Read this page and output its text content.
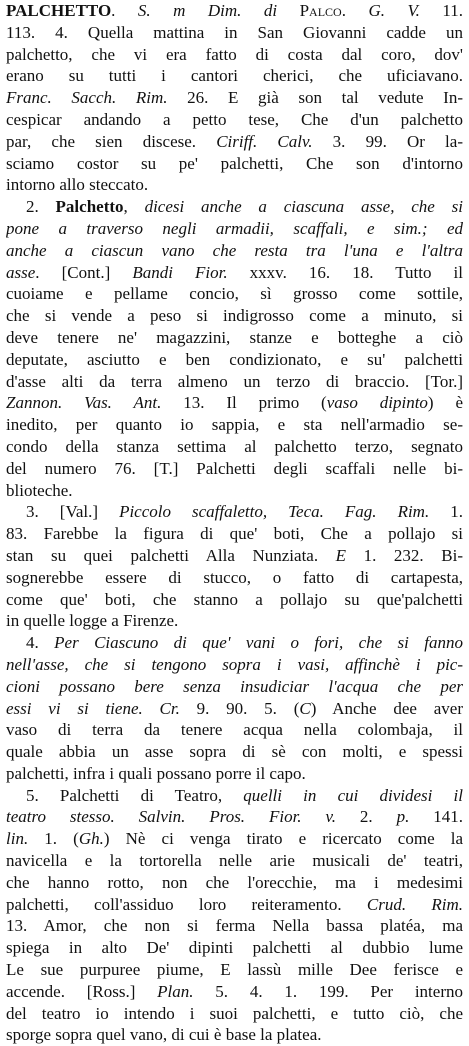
PALCHETTO. S. m Dim. di Palco. G. V. 11.
113. 4. Quella mattina in San Giovanni cadde un
palchetto, che vi era fatto di costa dal coro, dov'
erano su tutti i cantori cherici, che uficiavano.
Franc. Sacch. Rim. 26. E già son tal vedute In-
cespicar andando a petto tese, Che d'un palchetto
par, che sien discese. Ciriff. Calv. 3. 99. Or la-
sciamo costor su pe' palchetti, Che son d'intorno
intorno allo steccato.
2. Palchetto, dicesi anche a ciascuna asse, che si
pone a traverso negli armadii, scaffali, e sim.; ed
anche a ciascun vano che resta tra l'una e l'altra
asse. [Cont.] Bandi Fior. xxxv. 16. 18. Tutto il
cuoiame e pellame concio, sì grosso come sottile,
che si vende a peso si indigrosso come a minuto, si
deve tenere ne' magazzini, stanze e botteghe a ciò
deputate, asciutto e ben condizionato, e su' palchetti
d'asse alti da terra almeno un terzo di braccio. [Tor.]
Zannon. Vas. Ant. 13. Il primo (vaso dipinto) è
inedito, per quanto io sappia, e sta nell'armadio se-
condo della stanza settima al palchetto terzo, segnato
del numero 76. [T.] Palchetti degli scaffali nelle bi-
blioteche.
3. [Val.] Piccolo scaffaletto, Teca. Fag. Rim. 1.
83. Farebbe la figura di que' boti, Che a pollajo si
stan su quei palchetti Alla Nunziata. E 1. 232. Bi-
sognerebbe essere di stucco, o fatto di cartapesta,
come que' boti, che stanno a pollajo su que'palchetti
in quelle logge a Firenze.
4. Per Ciascuno di que' vani o fori, che si fanno
nell'asse, che si tengono sopra i vasi, affinchè i pic-
cioni possano bere senza insudiciar l'acqua che per
essi vi si tiene. Cr. 9. 90. 5. (C) Anche dee aver
vaso di terra da tenere acqua nella colombaja, il
quale abbia un asse sopra di sè con molti, e spessi
palchetti, infra i quali possano porre il capo.
5. Palchetti di Teatro, quelli in cui dividesi il
teatro stesso. Salvin. Pros. Fior. v. 2. p. 141.
lin. 1. (Gh.) Nè ci venga tirato e ricercato come la
navicella e la tortorella nelle arie musicali de' teatri,
che hanno rotto, non che l'orecchie, ma i medesimi
palchetti, coll'assiduo loro reiteramento. Crud. Rim.
13. Amor, che non si ferma Nella bassa platéa, ma
spiega in alto De' dipinti palchetti al dubbio lume
Le sue purpuree piume, E lassù mille Dee ferisce e
accende. [Ross.] Plan. 5. 4. 1. 199. Per interno
del teatro io intendo i suoi palchetti, e tutto ciò, che
sporge sopra quel vano, di cui è base la platea.
